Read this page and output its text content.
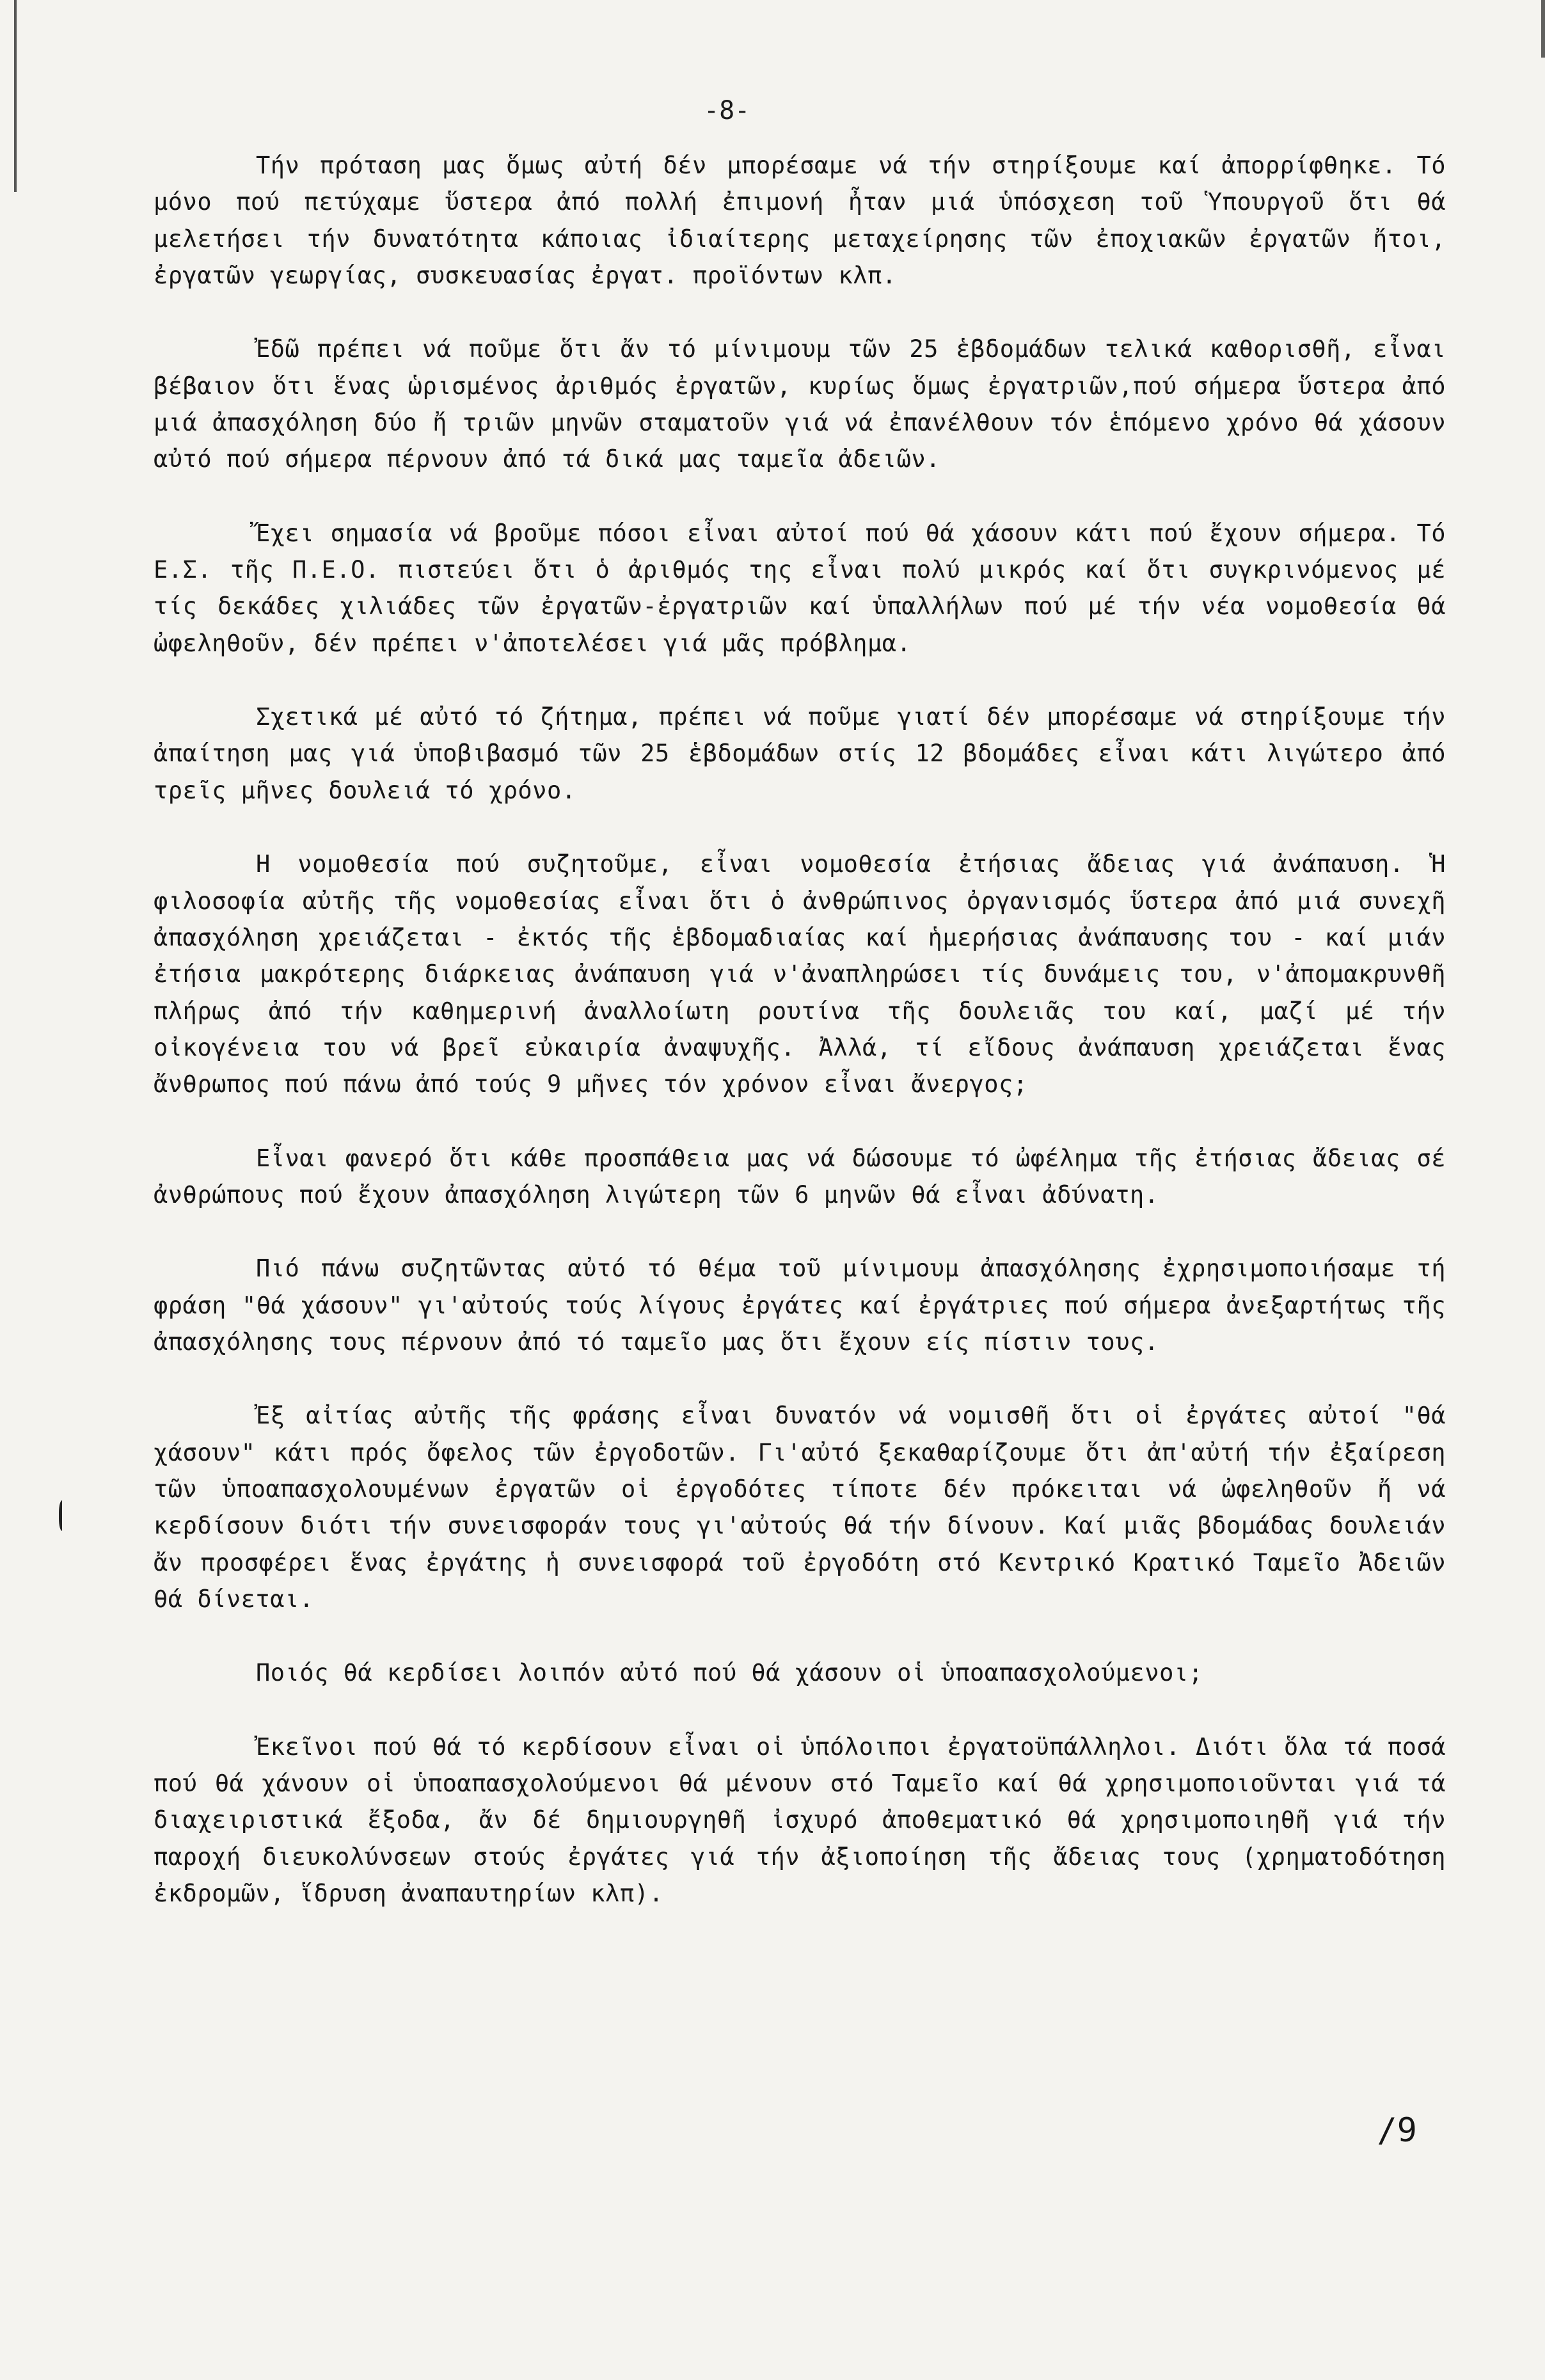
-8-

Τήν πρόταση μας ὅμως αὐτή δέν μπορέσαμε νά τήν στηρίξουμε καί ἀπορρίφθηκε. Τό μόνο πού πετύχαμε ὕστερα ἀπό πολλή ἐπιμονή ἦταν μιά ὑπόσχεση τοῦ Ὑπουργοῦ ὅτι θά μελετήσει τήν δυνατότητα κάποιας ἰδιαίτερης μεταχείρησης τῶν ἐποχιακῶν ἐργατῶν ἤτοι, ἐργατῶν γεωργίας, συσκευασίας ἐργατ. προϊόντων κλπ.

Ἐδῶ πρέπει νά ποῦμε ὅτι ἄν τό μίνιμουμ τῶν 25 ἑβδομάδων τελικά καθορισθῆ, εἶναι βέβαιον ὅτι ἕνας ὡρισμένος ἀριθμός ἐργατῶν, κυρίως ὅμως ἐργατριῶν,πού σήμερα ὕστερα ἀπό μιά ἀπασχόληση δύο ἤ τριῶν μηνῶν σταματοῦν γιά νά ἐπανέλθουν τόν ἑπόμενο χρόνο θά χάσουν αὐτό πού σήμερα πέρνουν ἀπό τά δικά μας ταμεῖα ἀδειῶν.

Ἔχει σημασία νά βροῦμε πόσοι εἶναι αὐτοί πού θά χάσουν κάτι πού ἔχουν σήμερα. Τό Ε.Σ. τῆς Π.Ε.Ο. πιστεύει ὅτι ὁ ἀριθμός της εἶναι πολύ μικρός καί ὅτι συγκρινόμενος μέ τίς δεκάδες χιλιάδες τῶν ἐργατῶν-ἐργατριῶν καί ὑπαλλήλων πού μέ τήν νέα νομοθεσία θά ὠφεληθοῦν, δέν πρέπει ν'ἀποτελέσει γιά μᾶς πρόβλημα.

Σχετικά μέ αὐτό τό ζήτημα, πρέπει νά ποῦμε γιατί δέν μπορέσαμε νά στηρίξουμε τήν ἀπαίτηση μας γιά ὑποβιβασμό τῶν 25 ἑβδομάδων στίς 12 βδομάδες εἶναι κάτι λιγώτερο ἀπό τρεῖς μῆνες δουλειά τό χρόνο.

Η νομοθεσία πού συζητοῦμε, εἶναι νομοθεσία ἐτήσιας ἄδειας γιά ἀνάπαυση. Ἡ φιλοσοφία αὐτῆς τῆς νομοθεσίας εἶναι ὅτι ὁ ἀνθρώπινος ὀργανισμός ὕστερα ἀπό μιά συνεχῆ ἀπασχόληση χρειάζεται - ἐκτός τῆς ἑβδομαδιαίας καί ἡμερήσιας ἀνάπαυσης του - καί μιάν ἐτήσια μακρότερης διάρκειας ἀνάπαυση γιά ν'ἀναπληρώσει τίς δυνάμεις του, ν'ἀπομακρυνθῆ πλήρως ἀπό τήν καθημερινή ἀναλλοίωτη ρουτίνα τῆς δουλειᾶς του καί, μαζί μέ τήν οἰκογένεια του νά βρεῖ εὐκαιρία ἀναψυχῆς. Ἀλλά, τί εἴδους ἀνάπαυση χρειάζεται ἕνας ἄνθρωπος πού πάνω ἀπό τούς 9 μῆνες τόν χρόνον εἶναι ἄνεργος;

Εἶναι φανερό ὅτι κάθε προσπάθεια μας νά δώσουμε τό ὠφέλημα τῆς ἐτήσιας ἄδειας σέ ἀνθρώπους πού ἔχουν ἀπασχόληση λιγώτερη τῶν 6 μηνῶν θά εἶναι ἀδύνατη.

Πιό πάνω συζητῶντας αὐτό τό θέμα τοῦ μίνιμουμ ἀπασχόλησης ἐχρησιμοποιήσαμε τή φράση "θά χάσουν" γι'αὐτούς τούς λίγους ἐργάτες καί ἐργάτριες πού σήμερα ἀνεξαρτήτως τῆς ἀπασχόλησης τους πέρνουν ἀπό τό ταμεῖο μας ὅτι ἔχουν είς πίστιν τους.

Ἐξ αἰτίας αὐτῆς τῆς φράσης εἶναι δυνατόν νά νομισθῆ ὅτι οἱ ἐργάτες αὐτοί "θά χάσουν" κάτι πρός ὄφελος τῶν ἐργοδοτῶν. Γι'αὐτό ξεκαθαρίζουμε ὅτι ἀπ'αὐτή τήν ἐξαίρεση τῶν ὑποαπασχολουμένων ἐργατῶν οἱ ἐργοδότες τίποτε δέν πρόκειται νά ὠφεληθοῦν ἤ νά κερδίσουν διότι τήν συνεισφοράν τους γι'αὐτούς θά τήν δίνουν. Καί μιᾶς βδομάδας δουλειάν ἄν προσφέρει ἕνας ἐργάτης ἡ συνεισφορά τοῦ ἐργοδότη στό Κεντρικό Κρατικό Ταμεῖο Ἀδειῶν θά δίνεται.

Ποιός θά κερδίσει λοιπόν αὐτό πού θά χάσουν οἱ ὑποαπασχολούμενοι;

Ἐκεῖνοι πού θά τό κερδίσουν εἶναι οἱ ὑπόλοιποι ἐργατοϋπάλληλοι. Διότι ὅλα τά ποσά πού θά χάνουν οἱ ὑποαπασχολούμενοι θά μένουν στό Ταμεῖο καί θά χρησιμοποιοῦνται γιά τά διαχειριστικά ἔξοδα, ἄν δέ δημιουργηθῆ ἰσχυρό ἀποθεματικό θά χρησιμοποιηθῆ γιά τήν παροχή διευκολύνσεων στούς ἐργάτες γιά τήν ἀξιοποίηση τῆς ἄδειας τους (χρηματοδότηση ἐκδρομῶν, ἵδρυση ἀναπαυτηρίων κλπ).

/9
